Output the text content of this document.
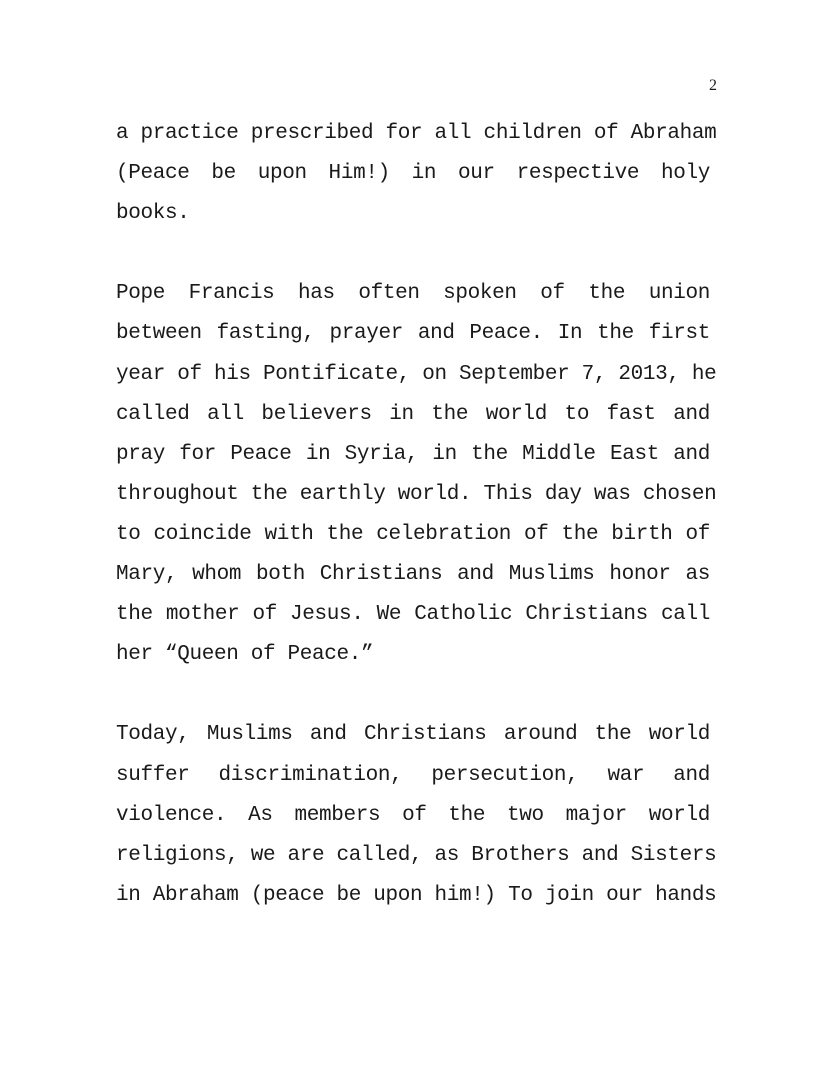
2
a practice prescribed for all children of Abraham
(Peace be upon Him!) in our respective holy
books.
Pope Francis has often spoken of the union
between fasting, prayer and Peace. In the first
year of his Pontificate, on September 7, 2013, he
called all believers in the world to fast and
pray for Peace in Syria, in the Middle East and
throughout the earthly world. This day was chosen
to coincide with the celebration of the birth of
Mary, whom both Christians and Muslims honor as
the mother of Jesus. We Catholic Christians call
her “Queen of Peace.”
Today, Muslims and Christians around the world
suffer discrimination, persecution, war and
violence. As members of the two major world
religions, we are called, as Brothers and Sisters
in Abraham (peace be upon him!) To join our hands
